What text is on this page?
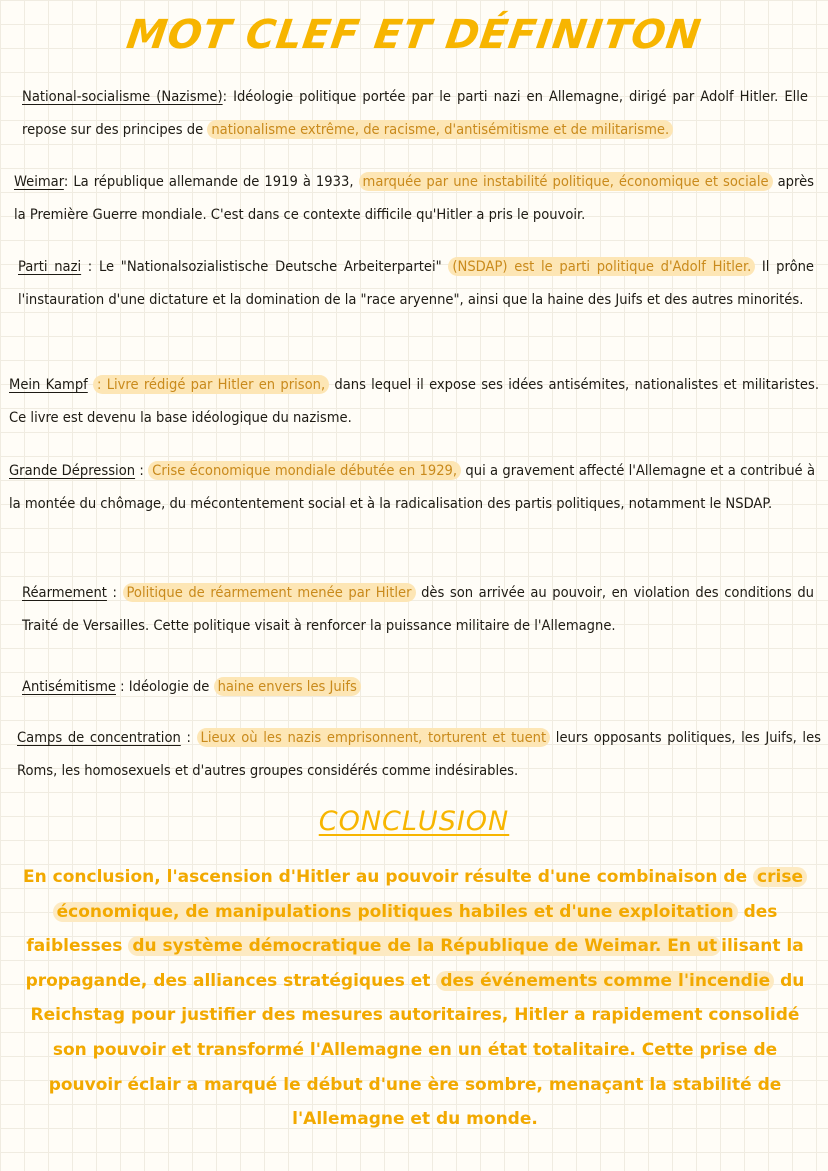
MOT CLEF ET DÉFINITON

National-socialisme (Nazisme): Idéologie politique portée par le parti nazi en Allemagne, dirigé par Adolf Hitler. Elle repose sur des principes de nationalisme extrême, de racisme, d'antisémitisme et de militarisme.

Weimar: La république allemande de 1919 à 1933, marquée par une instabilité politique, économique et sociale après la Première Guerre mondiale. C'est dans ce contexte difficile qu'Hitler a pris le pouvoir.

Parti nazi : Le "Nationalsozialistische Deutsche Arbeiterpartei" (NSDAP) est le parti politique d'Adolf Hitler. Il prône l'instauration d'une dictature et la domination de la "race aryenne", ainsi que la haine des Juifs et des autres minorités.

Mein Kampf : Livre rédigé par Hitler en prison, dans lequel il expose ses idées antisémites, nationalistes et militaristes. Ce livre est devenu la base idéologique du nazisme.

Grande Dépression : Crise économique mondiale débutée en 1929, qui a gravement affecté l'Allemagne et a contribué à la montée du chômage, du mécontentement social et à la radicalisation des partis politiques, notamment le NSDAP.

Réarmement : Politique de réarmement menée par Hitler dès son arrivée au pouvoir, en violation des conditions du Traité de Versailles. Cette politique visait à renforcer la puissance militaire de l'Allemagne.

Antisémitisme : Idéologie de haine envers les Juifs

Camps de concentration : Lieux où les nazis emprisonnent, torturent et tuent leurs opposants politiques, les Juifs, les Roms, les homosexuels et d'autres groupes considérés comme indésirables.

CONCLUSION

En conclusion, l'ascension d'Hitler au pouvoir résulte d'une combinaison de crise économique, de manipulations politiques habiles et d'une exploitation des faiblesses du système démocratique de la République de Weimar. En ut ilisant la propagande, des alliances stratégiques et des événements comme l'incendie du Reichstag pour justifier des mesures autoritaires, Hitler a rapidement consolidé son pouvoir et transformé l'Allemagne en un état totalitaire. Cette prise de pouvoir éclair a marqué le début d'une ère sombre, menaçant la stabilité de l'Allemagne et du monde.
